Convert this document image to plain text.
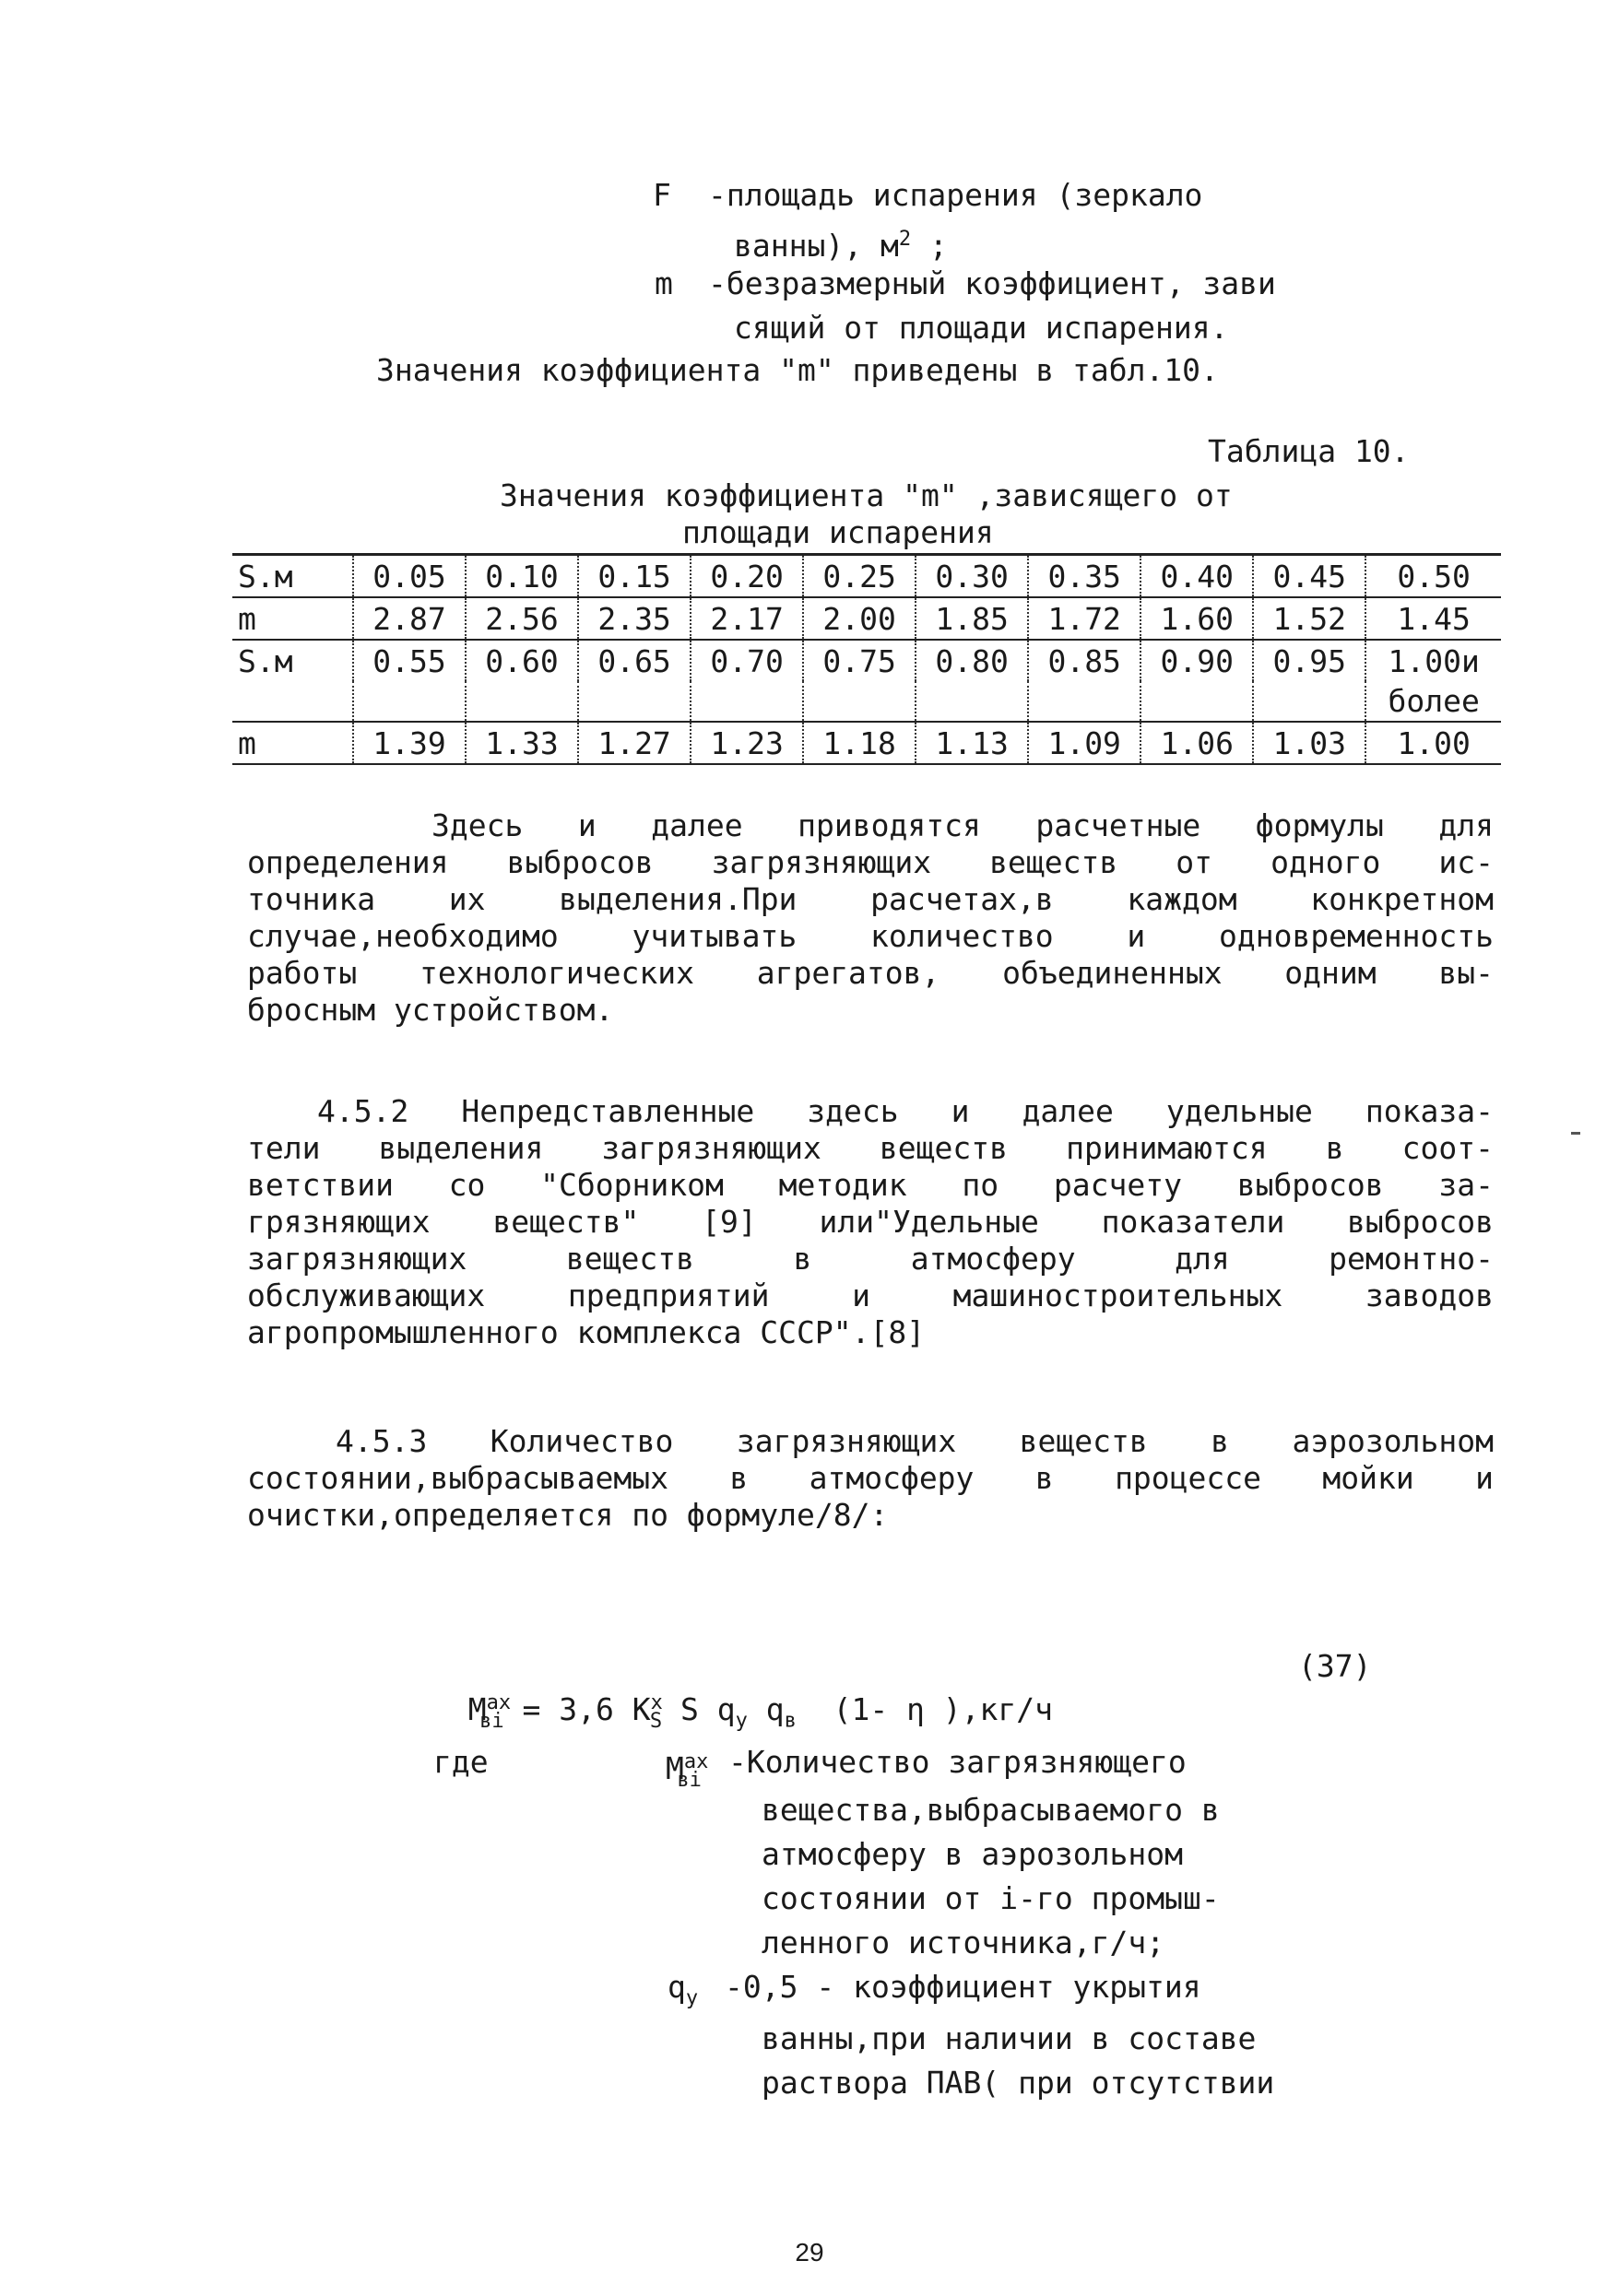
F -площадь испарения (зеркало
ванны), $м^2$ ;
m -безразмерный коэффициент, зави
сящий от площади испарения.
Значения коэффициента "m" приведены в табл.10.
Таблица 10.
Значения коэффициента "m" ,зависящего от
площади испарения
S.м	0.05	0.10	0.15	0.20	0.25	0.30	0.35	0.40	0.45	0.50
m	2.87	2.56	2.35	2.17	2.00	1.85	1.72	1.60	1.52	1.45
S.м	0.55	0.60	0.65	0.70	0.75	0.80	0.85	0.90	0.95	1.00и
										более
m	1.39	1.33	1.27	1.23	1.18	1.13	1.09	1.06	1.03	1.00
Здесь и далее приводятся расчетные формулы для
определения выбросов загрязняющих веществ от одного ис-
точника их выделения.При расчетах,в каждом конкретном
случае,необходимо учитывать количество и одновременность
работы технологических агрегатов, объединенных одним вы-
бросным устройством.
4.5.2 Непредставленные здесь и далее удельные показа-
тели выделения загрязняющих веществ принимаются в соот-
ветствии со "Сборником методик по расчету выбросов за-
грязняющих веществ" [9] или"Удельные показатели выбросов
загрязняющих веществ в атмосферу для ремонтно-
обслуживающих предприятий и машиностроительных заводов
агропромышленного комплекса СССР".[8]
4.5.3 Количество загрязняющих веществ в аэрозольном
состоянии,выбрасываемых в атмосферу в процессе мойки и
очистки,определяется по формуле/8/:

$M^{ах}_{вi} = 3,6$ $K^x_S$ S $q_у$ $q_в$ (1- η ),кг/ч

(37)
где	$M^{ах}_{вi}$
-Количество загрязняющего
вещества,выбрасываемого в
атмосферу в аэрозольном
состоянии от i-го промыш-
ленного источника,г/ч;
$q_у$ -0,5 - коэффициент укрытия
ванны,при наличии в составе
раствора ПАВ( при отсутствии
29
